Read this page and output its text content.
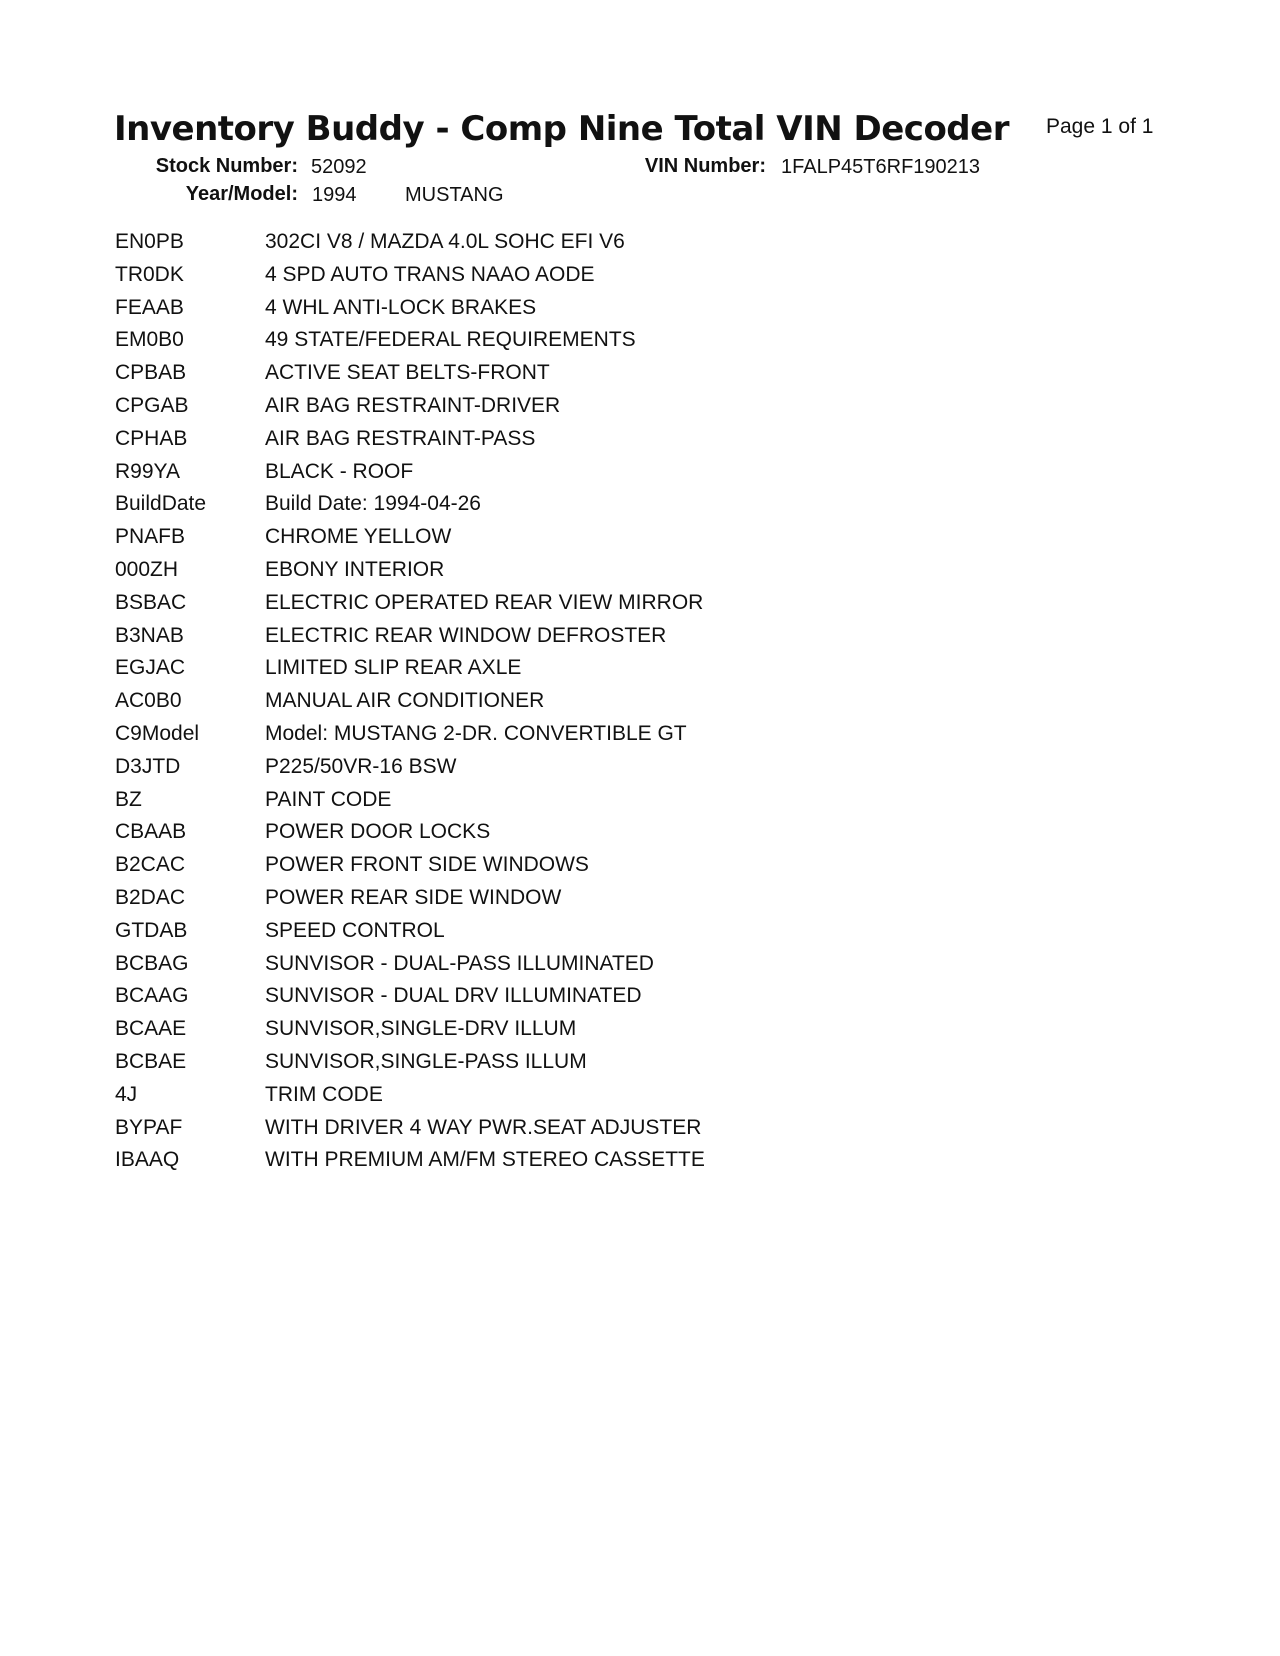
Inventory Buddy - Comp Nine Total VIN Decoder Page 1 of 1
Stock Number: 52092	VIN Number: 1FALP45T6RF190213
Year/Model: 1994 MUSTANG
EN0PB	302CI V8 / MAZDA 4.0L SOHC EFI V6
TR0DK	4 SPD AUTO TRANS NAAO AODE
FEAAB	4 WHL ANTI-LOCK BRAKES
EM0B0	49 STATE/FEDERAL REQUIREMENTS
CPBAB	ACTIVE SEAT BELTS-FRONT
CPGAB	AIR BAG RESTRAINT-DRIVER
CPHAB	AIR BAG RESTRAINT-PASS
R99YA	BLACK - ROOF
BuildDate	Build Date: 1994-04-26
PNAFB	CHROME YELLOW
000ZH	EBONY INTERIOR
BSBAC	ELECTRIC OPERATED REAR VIEW MIRROR
B3NAB	ELECTRIC REAR WINDOW DEFROSTER
EGJAC	LIMITED SLIP REAR AXLE
AC0B0	MANUAL AIR CONDITIONER
C9Model	Model: MUSTANG 2-DR. CONVERTIBLE GT
D3JTD	P225/50VR-16 BSW
BZ	PAINT CODE
CBAAB	POWER DOOR LOCKS
B2CAC	POWER FRONT SIDE WINDOWS
B2DAC	POWER REAR SIDE WINDOW
GTDAB	SPEED CONTROL
BCBAG	SUNVISOR - DUAL-PASS ILLUMINATED
BCAAG	SUNVISOR - DUAL DRV ILLUMINATED
BCAAE	SUNVISOR,SINGLE-DRV ILLUM
BCBAE	SUNVISOR,SINGLE-PASS ILLUM
4J	TRIM CODE
BYPAF	WITH DRIVER 4 WAY PWR.SEAT ADJUSTER
IBAAQ	WITH PREMIUM AM/FM STEREO CASSETTE
